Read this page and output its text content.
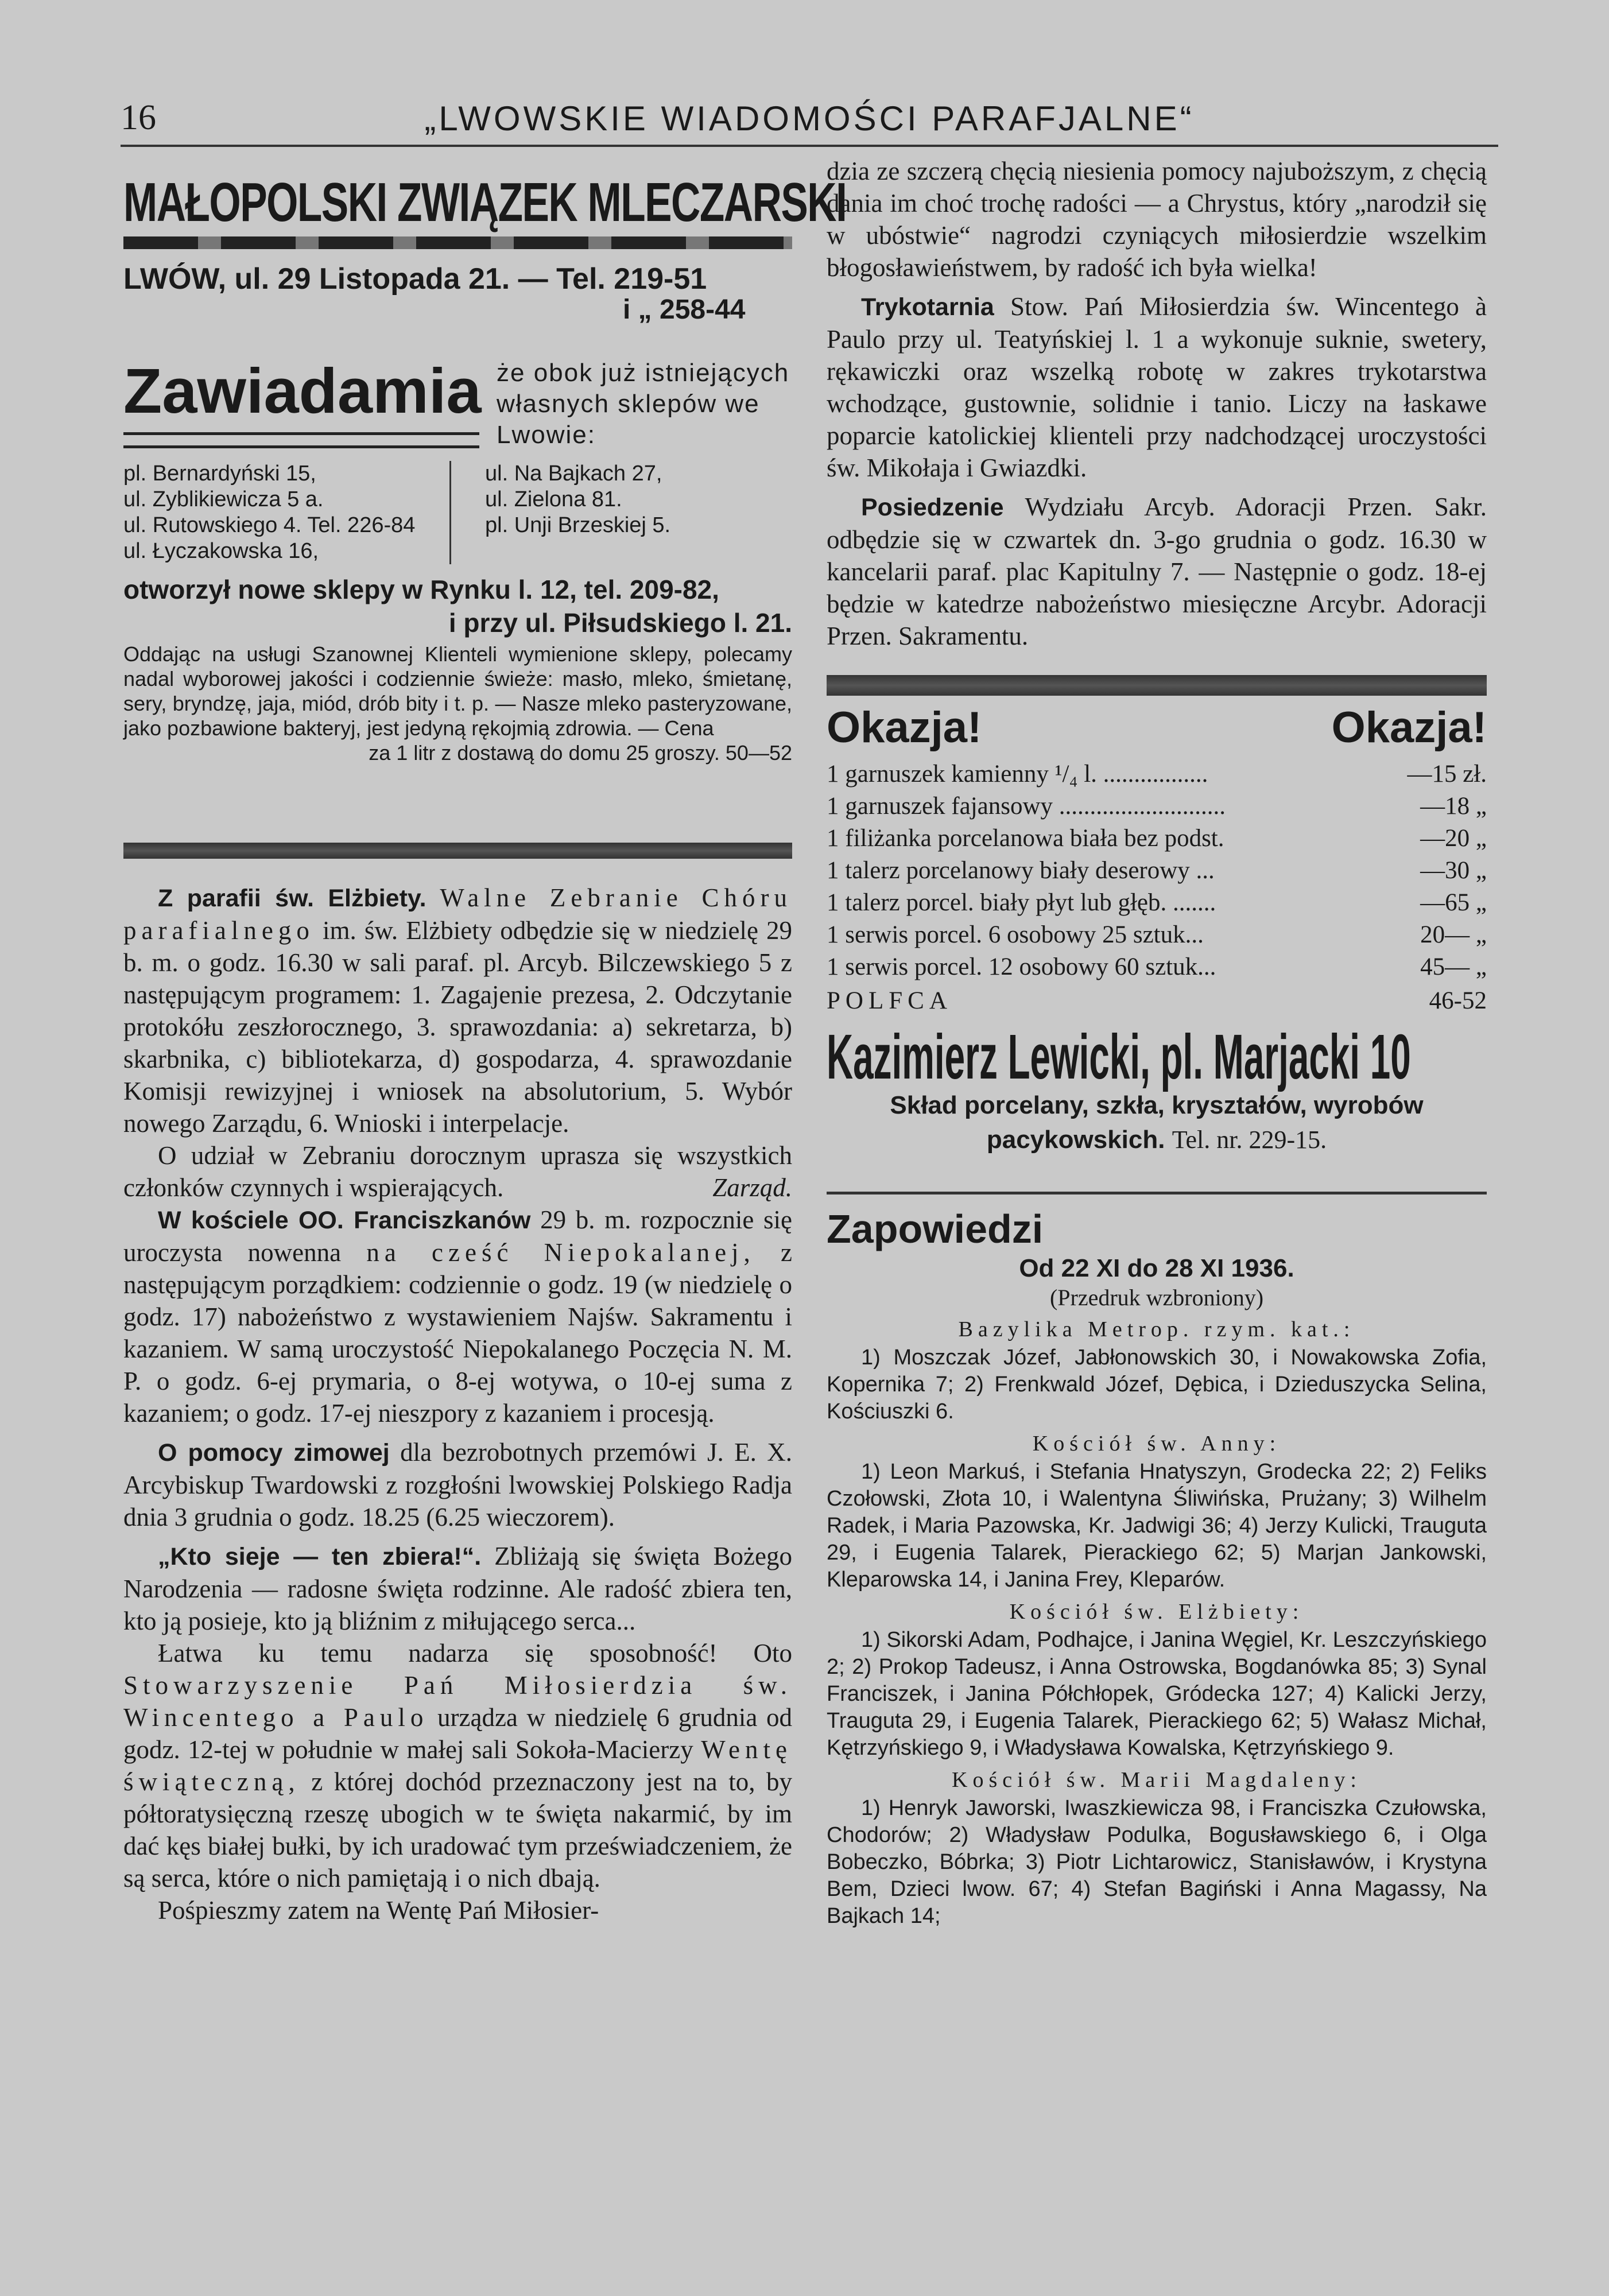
16	„LWOWSKIE WIADOMOŚCI PARAFJALNE“
MAŁOPOLSKI ZWIĄZEK MLECZARSKI
LWÓW, ul. 29 Listopada 21. — Tel. 219-51
i „ 258-44
Zawiadamia że obok już istniejących własnych sklepów we Lwowie:
pl. Bernardyński 15,
ul. Zyblikiewicza 5 a.
ul. Rutowskiego 4. Tel. 226-84
ul. Łyczakowska 16,
ul. Na Bajkach 27,
ul. Zielona 81.
pl. Unji Brzeskiej 5.
otworzył nowe sklepy w Rynku l. 12, tel. 209-82,
i przy ul. Piłsudskiego l. 21.
Oddając na usługi Szanownej Klienteli wymienione sklepy, polecamy nadal wyborowej jakości i codziennie świeże: masło, mleko, śmietanę, sery, bryndzę, jaja, miód, drób bity i t. p. — Nasze mleko pasteryzowane, jako pozbawione bakteryj, jest jedyną rękojmią zdrowia. — Cena
za 1 litr z dostawą do domu 25 groszy. 50—52

Z parafii św. Elżbiety. Walne Zebranie Chóru parafialnego im. św. Elżbiety odbędzie się w niedzielę 29 b. m. o godz. 16.30 w sali paraf. pl. Arcyb. Bilczewskiego 5 z następującym programem: 1. Zagajenie prezesa, 2. Odczytanie protokółu zeszłorocznego, 3. sprawozdania: a) sekretarza, b) skarbnika, c) bibliotekarza, d) gospodarza, 4. sprawozdanie Komisji rewizyjnej i wniosek na absolutorium, 5. Wybór nowego Zarządu, 6. Wnioski i interpelacje.

O udział w Zebraniu dorocznym uprasza się wszystkich członków czynnych i wspierających.	Zarząd.

W kościele OO. Franciszkanów 29 b. m. rozpocznie się uroczysta nowenna na cześć Niepokalanej, z następującym porządkiem: codziennie o godz. 19 (w niedzielę o godz. 17) nabożeństwo z wystawieniem Najśw. Sakramentu i kazaniem. W samą uroczystość Niepokalanego Poczęcia N. M. P. o godz. 6-ej prymaria, o 8-ej wotywa, o 10-ej suma z kazaniem; o godz. 17-ej nieszpory z kazaniem i procesją.

O pomocy zimowej dla bezrobotnych przemówi J. E. X. Arcybiskup Twardowski z rozgłośni lwowskiej Polskiego Radja dnia 3 grudnia o godz. 18.25 (6.25 wieczorem).

„Kto sieje — ten zbiera!“. Zbliżają się święta Bożego Narodzenia — radosne święta rodzinne. Ale radość zbiera ten, kto ją posieje, kto ją bliźnim z miłującego serca...

Łatwa ku temu nadarza się sposobność! Oto Stowarzyszenie Pań Miłosierdzia św. Wincentego a Paulo urządza w niedzielę 6 grudnia od godz. 12-tej w południe w małej sali Sokoła-Macierzy Wentę świąteczną, z której dochód przeznaczony jest na to, by półtoratysięczną rzeszę ubogich w te święta nakarmić, by im dać kęs białej bułki, by ich uradować tym przeświadczeniem, że są serca, które o nich pamiętają i o nich dbają.

Pośpieszmy zatem na Wentę Pań Miłosier-

dzia ze szczerą chęcią niesienia pomocy najuboższym, z chęcią dania im choć trochę radości — a Chrystus, który „narodził się w ubóstwie“ nagrodzi czyniących miłosierdzie wszelkim błogosławieństwem, by radość ich była wielka!

Trykotarnia Stow. Pań Miłosierdzia św. Wincentego à Paulo przy ul. Teatyńskiej l. 1 a wykonuje suknie, swetery, rękawiczki oraz wszelką robotę w zakres trykotarstwa wchodzące, gustownie, solidnie i tanio. Liczy na łaskawe poparcie katolickiej klienteli przy nadchodzącej uroczystości św. Mikołaja i Gwiazdki.

Posiedzenie Wydziału Arcyb. Adoracji Przen. Sakr. odbędzie się w czwartek dn. 3-go grudnia o godz. 16.30 w kancelarii paraf. plac Kapitulny 7. — Następnie o godz. 18-ej będzie w katedrze nabożeństwo miesięczne Arcybr. Adoracji Przen. Sakramentu.

Okazja!	Okazja!
1 garnuszek kamienny ¹/₄ l. .................	—15 zł.
1 garnuszek fajansowy ...........................	—18 „
1 filiżanka porcelanowa biała bez podst.	—20 „
1 talerz porcelanowy biały deserowy ...	—30 „
1 talerz porcel. biały płyt lub głęb. .......	—65 „
1 serwis porcel. 6 osobowy 25 sztuk...	20— „
1 serwis porcel. 12 osobowy 60 sztuk...	45— „
POLFCA	46-52
Kazimierz Lewicki, pl. Marjacki 10
Skład porcelany, szkła, kryształów, wyrobów pacykowskich. Tel. nr. 229-15.
Zapowiedzi
Od 22 XI do 28 XI 1936.
(Przedruk wzbroniony)
Bazylika Metrop. rzym. kat.:

1) Moszczak Józef, Jabłonowskich 30, i Nowakowska Zofia, Kopernika 7; 2) Frenkwald Józef, Dębica, i Dzieduszycka Selina, Kościuszki 6.

Kościół św. Anny:

1) Leon Markuś, i Stefania Hnatyszyn, Grodecka 22; 2) Feliks Czołowski, Złota 10, i Walentyna Śliwińska, Prużany; 3) Wilhelm Radek, i Maria Pazowska, Kr. Jadwigi 36; 4) Jerzy Kulicki, Trauguta 29, i Eugenia Talarek, Pierackiego 62; 5) Marjan Jankowski, Kleparowska 14, i Janina Frey, Kleparów.

Kościół św. Elżbiety:

1) Sikorski Adam, Podhajce, i Janina Węgiel, Kr. Leszczyńskiego 2; 2) Prokop Tadeusz, i Anna Ostrowska, Bogdanówka 85; 3) Synal Franciszek, i Janina Półchłopek, Gródecka 127; 4) Kalicki Jerzy, Trauguta 29, i Eugenia Talarek, Pierackiego 62; 5) Wałasz Michał, Kętrzyńskiego 9, i Władysława Kowalska, Kętrzyńskiego 9.

Kościół św. Marii Magdaleny:

1) Henryk Jaworski, Iwaszkiewicza 98, i Franciszka Czułowska, Chodorów; 2) Władysław Podulka, Bogusławskiego 6, i Olga Bobeczko, Bóbrka; 3) Piotr Lichtarowicz, Stanisławów, i Krystyna Bem, Dzieci lwow. 67; 4) Stefan Bagiński i Anna Magassy, Na Bajkach 14;
